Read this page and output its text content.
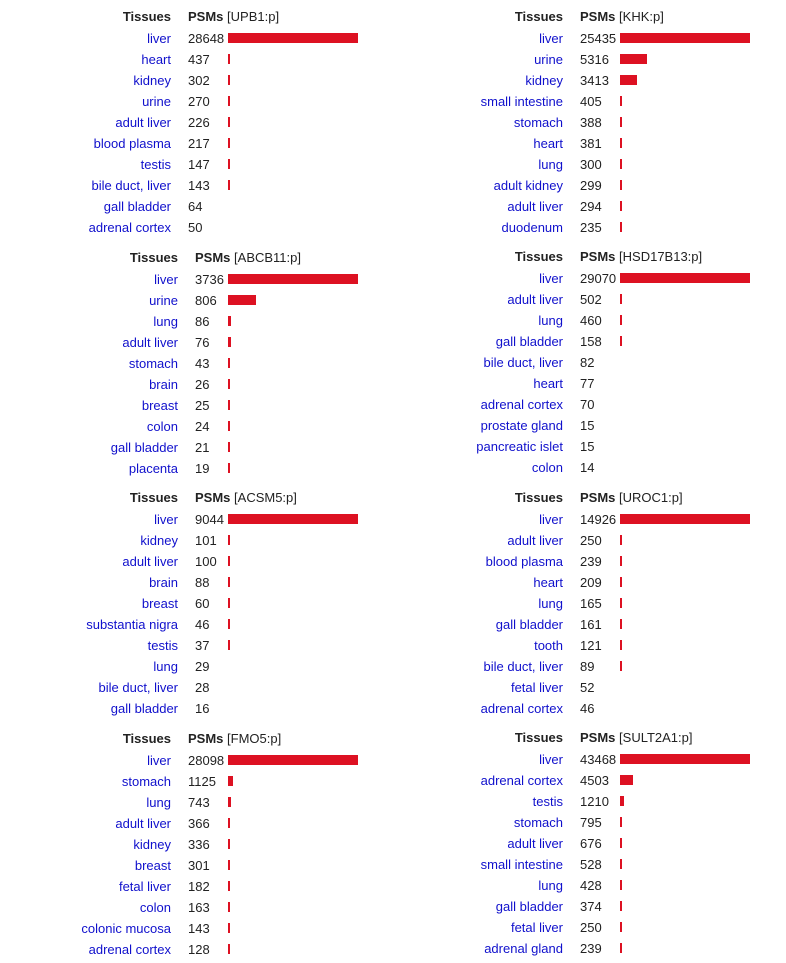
Tissues PSMs [UPB1:p]
liver 28648
heart 437
kidney 302
urine 270
adult liver 226
blood plasma 217
testis 147
bile duct, liver 143
gall bladder 64
adrenal cortex 50
Tissues PSMs [KHK:p]
liver 25435
urine 5316
kidney 3413
small intestine 405
stomach 388
heart 381
lung 300
adult kidney 299
adult liver 294
duodenum 235
Tissues PSMs [ABCB11:p]
liver 3736
urine 806
lung 86
adult liver 76
stomach 43
brain 26
breast 25
colon 24
gall bladder 21
placenta 19
Tissues PSMs [HSD17B13:p]
liver 29070
adult liver 502
lung 460
gall bladder 158
bile duct, liver 82
heart 77
adrenal cortex 70
prostate gland 15
pancreatic islet 15
colon 14
Tissues PSMs [ACSM5:p]
liver 9044
kidney 101
adult liver 100
brain 88
breast 60
substantia nigra 46
testis 37
lung 29
bile duct, liver 28
gall bladder 16
Tissues PSMs [UROC1:p]
liver 14926
adult liver 250
blood plasma 239
heart 209
lung 165
gall bladder 161
tooth 121
bile duct, liver 89
fetal liver 52
adrenal cortex 46
Tissues PSMs [FMO5:p]
liver 28098
stomach 1125
lung 743
adult liver 366
kidney 336
breast 301
fetal liver 182
colon 163
colonic mucosa 143
adrenal cortex 128
Tissues PSMs [SULT2A1:p]
liver 43468
adrenal cortex 4503
testis 1210
stomach 795
adult liver 676
small intestine 528
lung 428
gall bladder 374
fetal liver 250
adrenal gland 239
